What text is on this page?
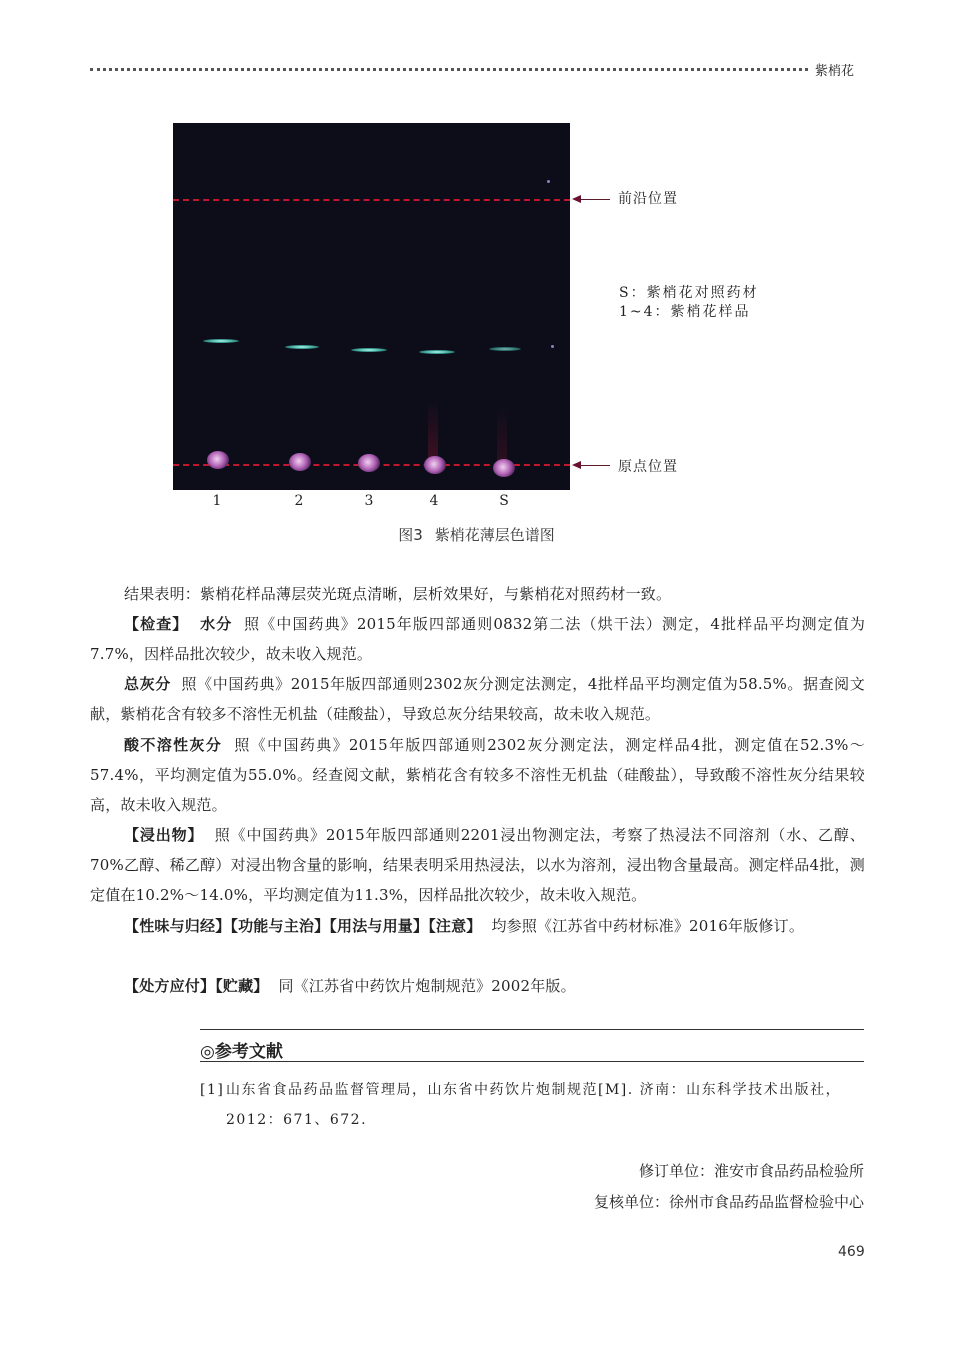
紫梢花
1	2	3	4	S
前沿位置
原点位置
S：紫梢花对照药材
1~4：紫梢花样品
图3 紫梢花薄层色谱图
结果表明：紫梢花样品薄层荧光斑点清晰，层析效果好，与紫梢花对照药材一致。
【检查】 水分 照《中国药典》2015年版四部通则0832第二法（烘干法）测定，4批样品平均测定值为7.7%，因样品批次较少，故未收入规范。
总灰分 照《中国药典》2015年版四部通则2302灰分测定法测定，4批样品平均测定值为58.5%。据查阅文献，紫梢花含有较多不溶性无机盐（硅酸盐），导致总灰分结果较高，故未收入规范。
酸不溶性灰分 照《中国药典》2015年版四部通则2302灰分测定法，测定样品4批，测定值在52.3%～57.4%，平均测定值为55.0%。经查阅文献，紫梢花含有较多不溶性无机盐（硅酸盐），导致酸不溶性灰分结果较高，故未收入规范。
【浸出物】 照《中国药典》2015年版四部通则2201浸出物测定法，考察了热浸法不同溶剂（水、乙醇、70%乙醇、稀乙醇）对浸出物含量的影响，结果表明采用热浸法，以水为溶剂，浸出物含量最高。测定样品4批，测定值在10.2%～14.0%，平均测定值为11.3%，因样品批次较少，故未收入规范。
【性味与归经】【功能与主治】【用法与用量】【注意】 均参照《江苏省中药材标准》2016年版修订。
【处方应付】【贮藏】 同《江苏省中药饮片炮制规范》2002年版。
◎参考文献
[1] 山东省食品药品监督管理局，山东省中药饮片炮制规范[M]. 济南：山东科学技术出版社，2012：671、672.
修订单位：淮安市食品药品检验所
复核单位：徐州市食品药品监督检验中心
469
